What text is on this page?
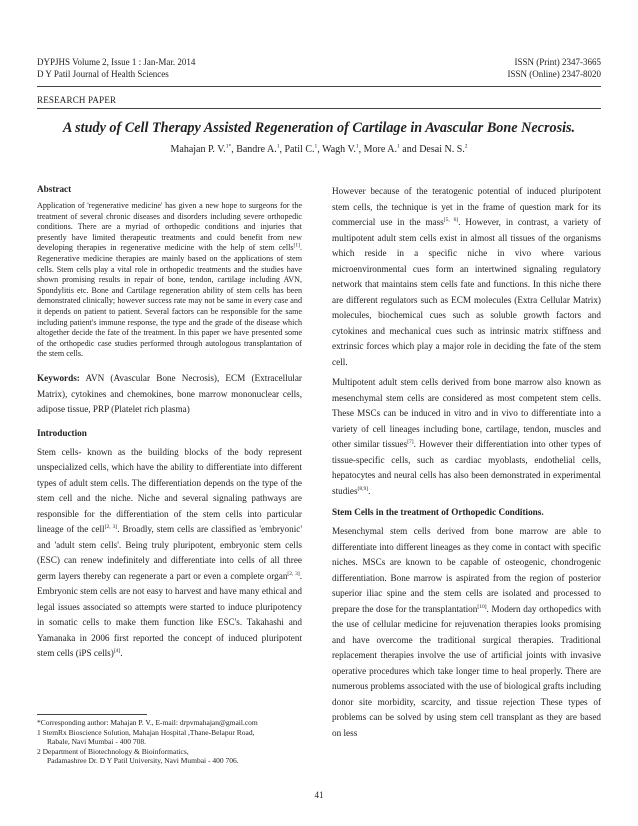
DYPJHS Volume 2, Issue 1 : Jan-Mar. 2014
D Y Patil Journal of Health Sciences
ISSN (Print) 2347-3665
ISSN (Online) 2347-8020
RESEARCH PAPER
A study of Cell Therapy Assisted Regeneration of Cartilage in Avascular Bone Necrosis.
Mahajan P. V.$^{1*}$, Bandre A.$^1$, Patil C.$^1$, Wagh V.$^1$, More A.$^1$ and Desai N. S.$^2$
Abstract

Application of 'regenerative medicine' has given a new hope to surgeons for the treatment of several chronic diseases and disorders including severe orthopedic conditions. There are a myriad of orthopedic conditions and injuries that presently have limited therapeutic treatments and could benefit from new developing therapies in regenerative medicine with the help of stem cells[1]. Regenerative medicine therapies are mainly based on the applications of stem cells. Stem cells play a vital role in orthopedic treatments and the studies have shown promising results in repair of bone, tendon, cartilage including AVN, Spondylitis etc. Bone and Cartilage regeneration ability of stem cells has been demonstrated clinically; however success rate may not be same in every case and it depends on patient to patient. Several factors can be responsible for the same including patient's immune response, the type and the grade of the disease which altogether decide the fate of the treatment. In this paper we have presented some of the orthopedic case studies performed through autologous transplantation of the stem cells.

Keywords: AVN (Avascular Bone Necrosis), ECM (Extracellular Matrix), cytokines and chemokines, bone marrow mononuclear cells, adipose tissue, PRP (Platelet rich plasma)

Introduction

Stem cells- known as the building blocks of the body represent unspecialized cells, which have the ability to differentiate into different types of adult stem cells. The differentiation depends on the type of the stem cell and the niche. Niche and several signaling pathways are responsible for the differentiation of the stem cells into particular lineage of the cell[2, 3]. Broadly, stem cells are classified as 'embryonic' and 'adult stem cells'. Being truly pluripotent, embryonic stem cells (ESC) can renew indefinitely and differentiate into cells of all three germ layers thereby can regenerate a part or even a complete organ[2, 3]. Embryonic stem cells are not easy to harvest and have many ethical and legal issues associated so attempts were started to induce pluripotency in somatic cells to make them function like ESC's. Takahashi and Yamanaka in 2006 first reported the concept of induced pluripotent stem cells (iPS cells)[4].

However because of the teratogenic potential of induced pluripotent stem cells, the technique is yet in the frame of question mark for its commercial use in the mass[5, 6]. However, in contrast, a variety of multipotent adult stem cells exist in almost all tissues of the organisms which reside in a specific niche in vivo where various microenvironmental cues form an intertwined signaling regulatory network that maintains stem cells fate and functions. In this niche there are different regulators such as ECM molecules (Extra Cellular Matrix) molecules, biochemical cues such as soluble growth factors and cytokines and mechanical cues such as intrinsic matrix stiffness and extrinsic forces which play a major role in deciding the fate of the stem cell.

Multipotent adult stem cells derived from bone marrow also known as mesenchymal stem cells are considered as most competent stem cells. These MSCs can be induced in vitro and in vivo to differentiate into a variety of cell lineages including bone, cartilage, tendon, muscles and other similar tissues[7]. However their differentiation into other types of tissue-specific cells, such as cardiac myoblasts, endothelial cells, hepatocytes and neural cells has also been demonstrated in experimental studies[8,9].

Stem Cells in the treatment of Orthopedic Conditions.

Mesenchymal stem cells derived from bone marrow are able to differentiate into different lineages as they come in contact with specific niches. MSCs are known to be capable of osteogenic, chondrogenic differentiation. Bone marrow is aspirated from the region of posterior superior iliac spine and the stem cells are isolated and processed to prepare the dose for the transplantation[10]. Modern day orthopedics with the use of cellular medicine for rejuvenation therapies looks promising and have overcome the traditional surgical therapies. Traditional replacement therapies involve the use of artificial joints with invasive operative procedures which take longer time to heal properly. There are numerous problems associated with the use of biological grafts including donor site morbidity, scarcity, and tissue rejection These types of problems can be solved by using stem cell transplant as they are based on less

*Corresponding author: Mahajan P. V., E-mail: drpvmahajan@gmail.com
1 StemRx Bioscience Solution, Mahajan Hospital ,Thane-Belapur Road,
Rabale, Navi Mumbai - 400 708.
2 Department of Biotechnology & Bioinformatics,
Padamashree Dr. D Y Patil University, Navi Mumbai - 400 706.
41
